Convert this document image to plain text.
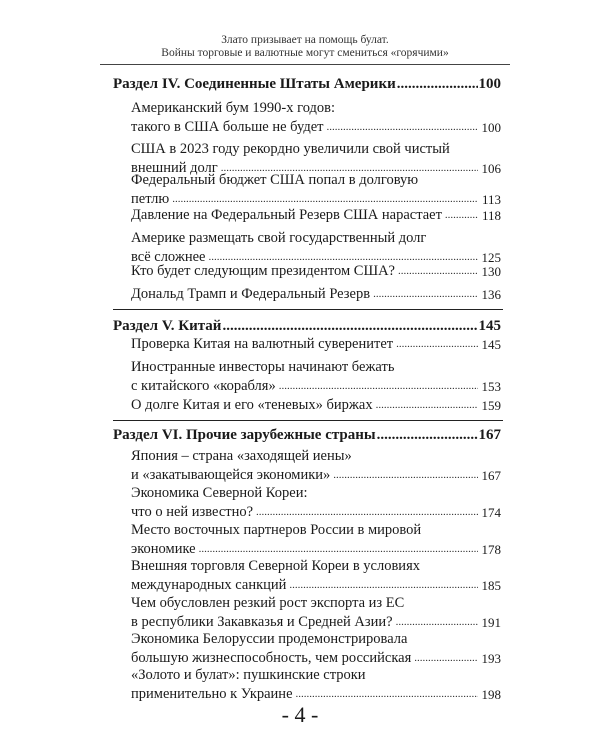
Злато призывает на помощь булат.
Войны торговые и валютные могут смениться «горячими»
Раздел IV. Соединенные Штаты Америки .....	100
Американский бум 1990-х годов:
такого в США больше не будет .....	100
США в 2023 году рекордно увеличили свой чистый
внешний долг .....	106
Федеральный бюджет США попал в долговую
петлю .....	113
Давление на Федеральный Резерв США нарастает .....	118
Америке размещать свой государственный долг
всё сложнее .....	125
Кто будет следующим президентом США? .....	130
Дональд Трамп и Федеральный Резерв .....	136
Раздел V. Китай .....	145
Проверка Китая на валютный суверенитет .....	145
Иностранные инвесторы начинают бежать
с китайского «корабля» .....	153
О долге Китая и его «теневых» биржах .....	159
Раздел VI. Прочие зарубежные страны .....	167
Япония – страна «заходящей иены»
и «закатывающейся экономики» .....	167
Экономика Северной Кореи:
что о ней известно? .....	174
Место восточных партнеров России в мировой
экономике .....	178
Внешняя торговля Северной Кореи в условиях
международных санкций .....	185
Чем обусловлен резкий рост экспорта из ЕС
в республики Закавказья и Средней Азии? .....	191
Экономика Белоруссии продемонстрировала
большую жизнеспособность, чем российская .....	193
«Золото и булат»: пушкинские строки
применительно к Украине .....	198
- 4 -
